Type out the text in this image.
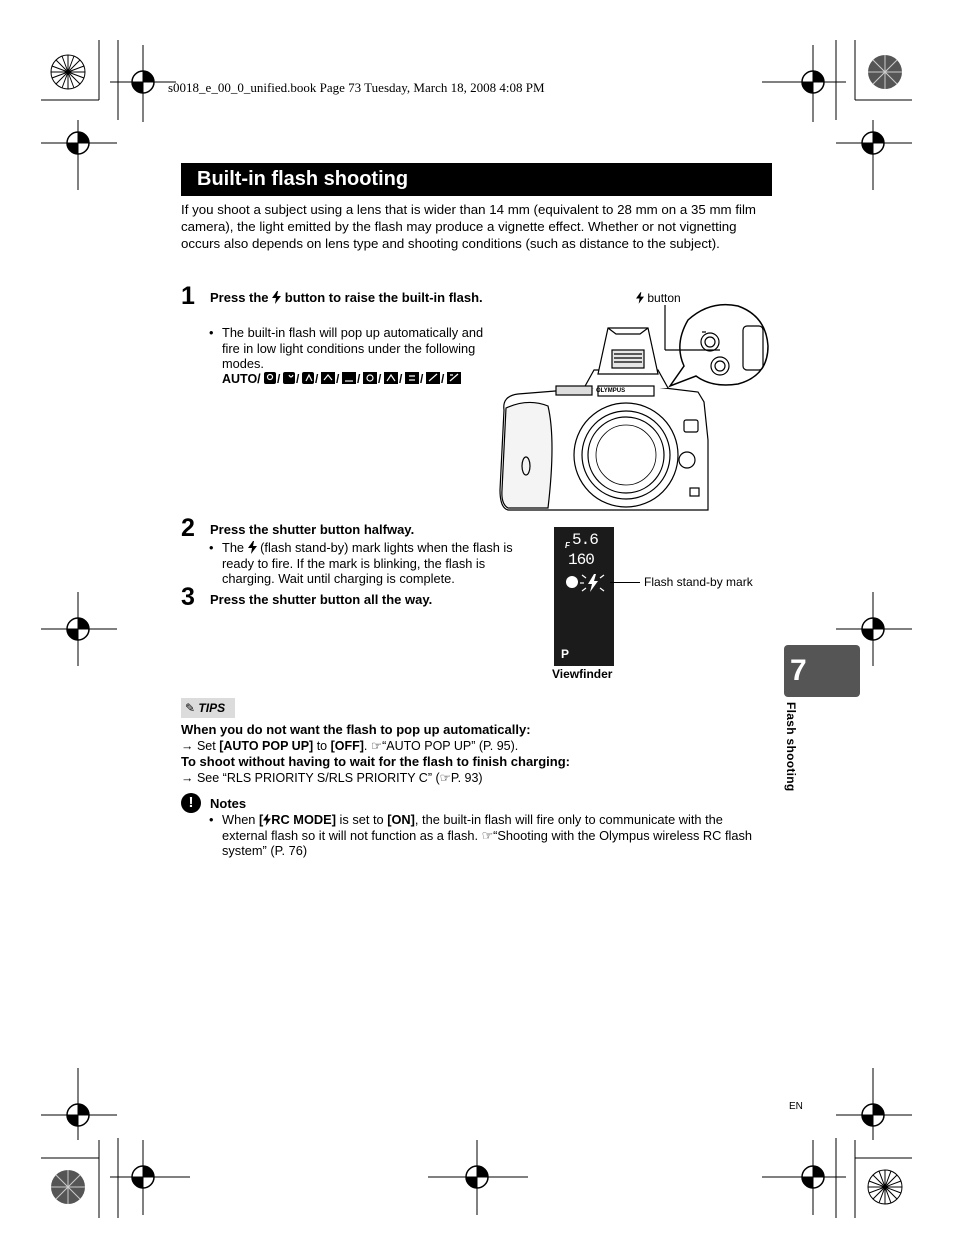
s0018_e_00_0_unified.book Page 73 Tuesday, March 18, 2008 4:08 PM
Built-in flash shooting
If you shoot a subject using a lens that is wider than 14 mm (equivalent to 28 mm on a 35 mm film camera), the light emitted by the flash may produce a vignette effect. Whether or not vignetting occurs also depends on lens type and shooting conditions (such as distance to the subject).
1 Press the  button to raise the built-in flash.
• The built-in flash will pop up automatically and fire in low light conditions under the following modes.
AUTO/ / / / / / / / / /
OLYMPUS
button
2 Press the shutter button halfway.
• The  (flash stand-by) mark lights when the flash is ready to fire. If the mark is blinking, the flash is charging. Wait until charging is complete.
3 Press the shutter button all the way.
F 5.6
160
P
Flash stand-by mark
Viewfinder
✎ TIPS
When you do not want the flash to pop up automatically:
→ Set [AUTO POP UP] to [OFF]. ☞“AUTO POP UP” (P. 95).
To shoot without having to wait for the flash to finish charging:
→ See “RLS PRIORITY S/RLS PRIORITY C” (☞P. 93)
!	Notes
• When [ RC MODE] is set to [ON], the built-in flash will fire only to communicate with the external flash so it will not function as a flash. ☞“Shooting with the Olympus wireless RC flash system” (P. 76)
7
Flash shooting
EN
